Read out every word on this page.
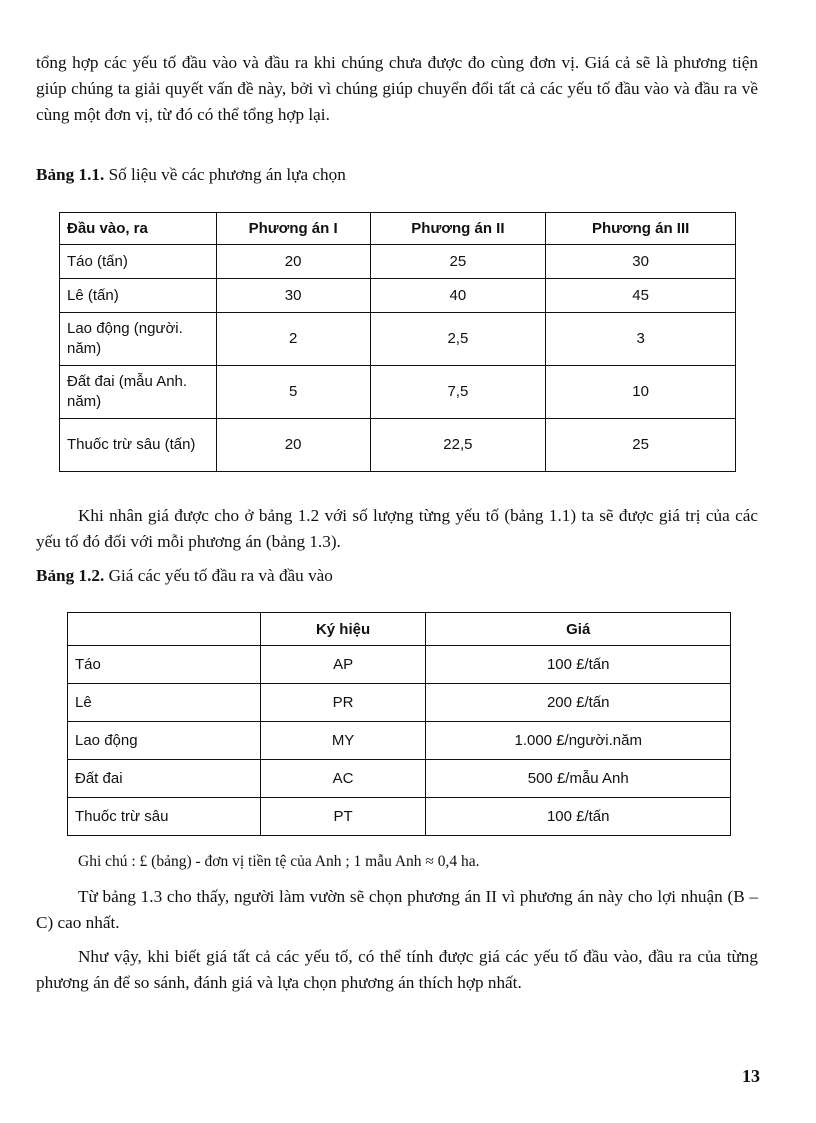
tổng hợp các yếu tố đầu vào và đầu ra khi chúng chưa được đo cùng đơn vị. Giá cả sẽ là phương tiện giúp chúng ta giải quyết vấn đề này, bởi vì chúng giúp chuyển đổi tất cả các yếu tố đầu vào và đầu ra về cùng một đơn vị, từ đó có thể tổng hợp lại.

Bảng 1.1. Số liệu về các phương án lựa chọn

Đầu vào, ra	Phương án I	Phương án II	Phương án III
Táo (tấn)	20	25	30
Lê (tấn)	30	40	45
Lao động (người. năm)	2	2,5	3
Đất đai (mẫu Anh. năm)	5	7,5	10
Thuốc trừ sâu (tấn)	20	22,5	25

Khi nhân giá được cho ở bảng 1.2 với số lượng từng yếu tố (bảng 1.1) ta sẽ được giá trị của các yếu tố đó đối với mỗi phương án (bảng 1.3).

Bảng 1.2. Giá các yếu tố đầu ra và đầu vào

	Ký hiệu	Giá
Táo	AP	100 £/tấn
Lê	PR	200 £/tấn
Lao động	MY	1.000 £/người.năm
Đất đai	AC	500 £/mẫu Anh
Thuốc trừ sâu	PT	100 £/tấn

Ghi chú : £ (bảng) - đơn vị tiền tệ của Anh ; 1 mẫu Anh ≈ 0,4 ha.

Từ bảng 1.3 cho thấy, người làm vườn sẽ chọn phương án II vì phương án này cho lợi nhuận (B – C) cao nhất.

Như vậy, khi biết giá tất cả các yếu tố, có thể tính được giá các yếu tố đầu vào, đầu ra của từng phương án để so sánh, đánh giá và lựa chọn phương án thích hợp nhất.

13
